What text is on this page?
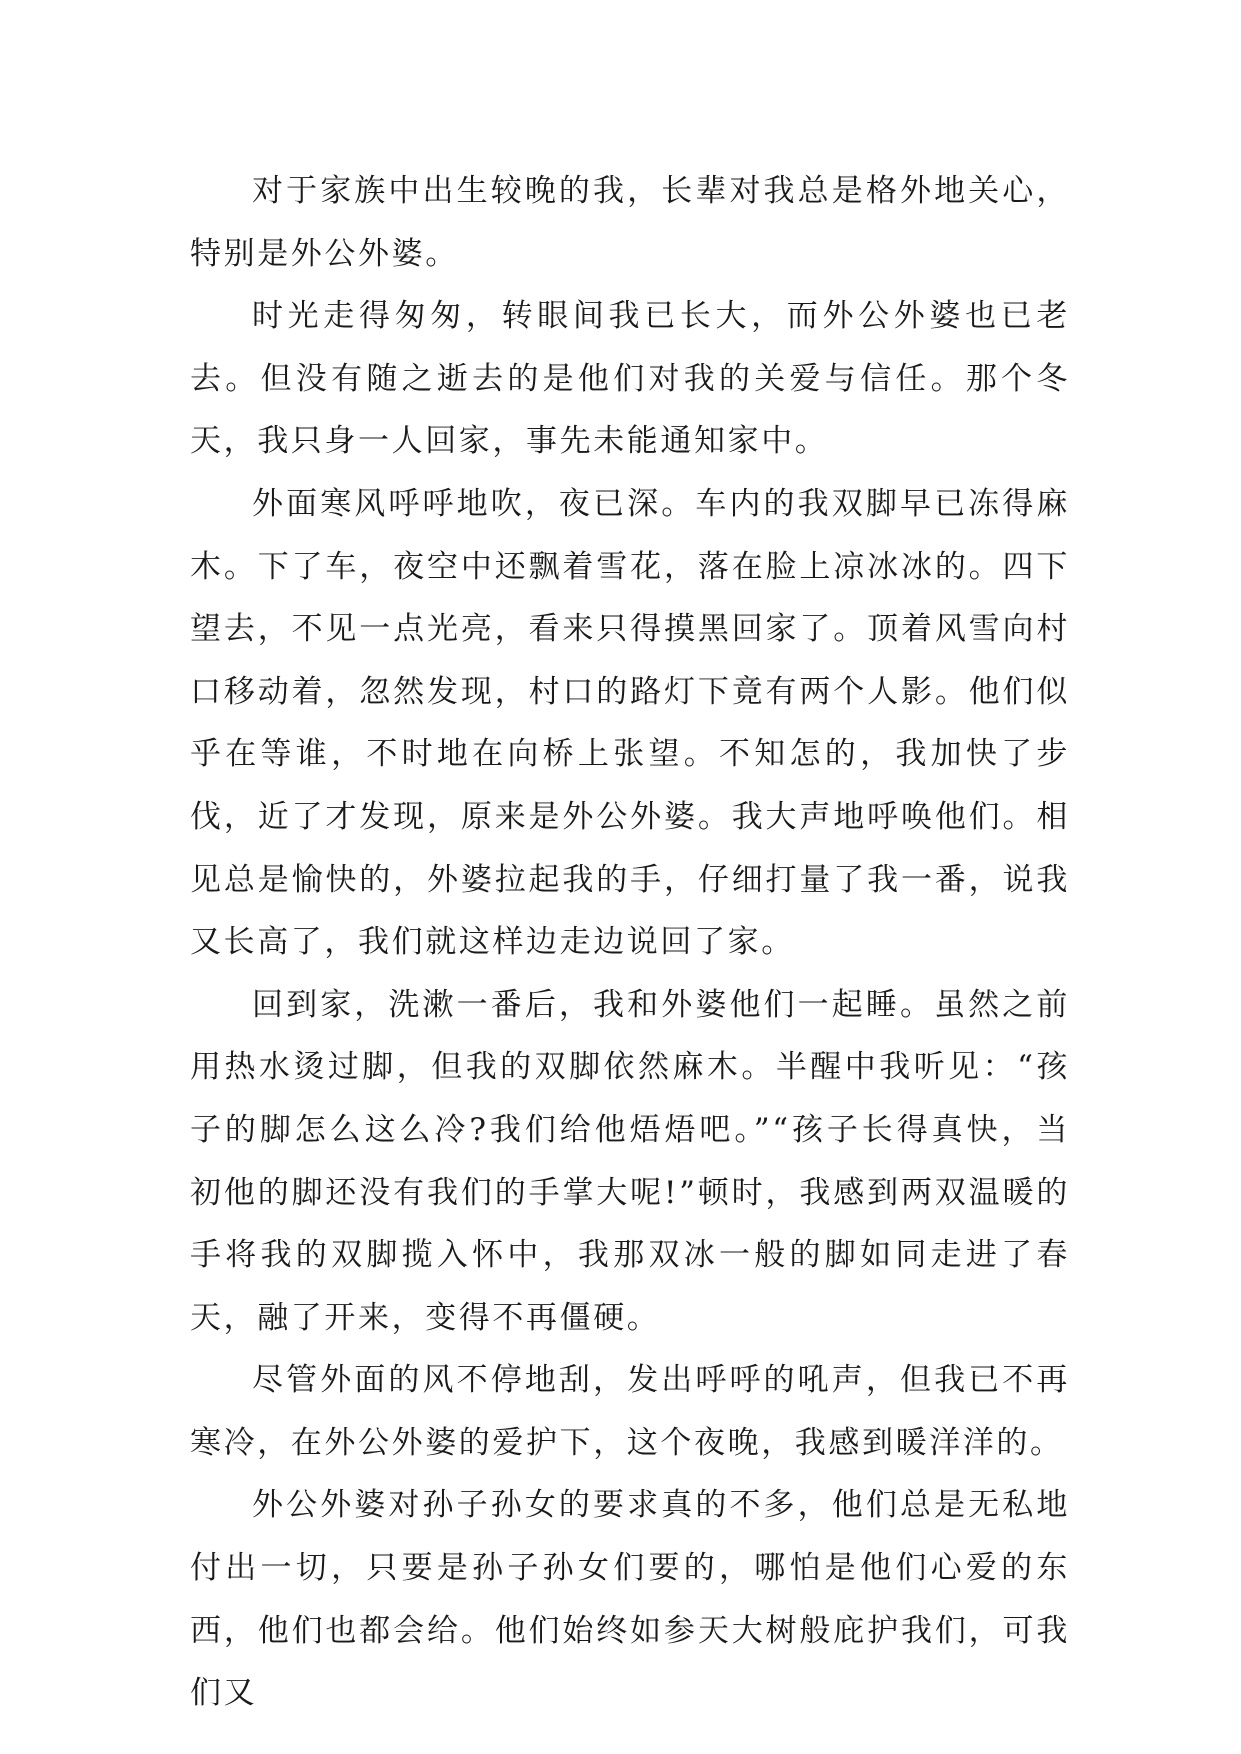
对于家族中出生较晚的我，长辈对我总是格外地关心，特别是外公外婆。

时光走得匆匆，转眼间我已长大，而外公外婆也已老去。但没有随之逝去的是他们对我的关爱与信任。那个冬天，我只身一人回家，事先未能通知家中。

外面寒风呼呼地吹，夜已深。车内的我双脚早已冻得麻木。下了车，夜空中还飘着雪花，落在脸上凉冰冰的。四下望去，不见一点光亮，看来只得摸黑回家了。顶着风雪向村口移动着，忽然发现，村口的路灯下竟有两个人影。他们似乎在等谁，不时地在向桥上张望。不知怎的，我加快了步伐，近了才发现，原来是外公外婆。我大声地呼唤他们。相见总是愉快的，外婆拉起我的手，仔细打量了我一番，说我又长高了，我们就这样边走边说回了家。

回到家，洗漱一番后，我和外婆他们一起睡。虽然之前用热水烫过脚，但我的双脚依然麻木。半醒中我听见：“孩子的脚怎么这么冷?我们给他焐焐吧。”“孩子长得真快，当初他的脚还没有我们的手掌大呢!”顿时，我感到两双温暖的手将我的双脚揽入怀中，我那双冰一般的脚如同走进了春天，融了开来，变得不再僵硬。

尽管外面的风不停地刮，发出呼呼的吼声，但我已不再寒冷，在外公外婆的爱护下，这个夜晚，我感到暖洋洋的。

外公外婆对孙子孙女的要求真的不多，他们总是无私地付出一切，只要是孙子孙女们要的，哪怕是他们心爱的东西，他们也都会给。他们始终如参天大树般庇护我们，可我们又
